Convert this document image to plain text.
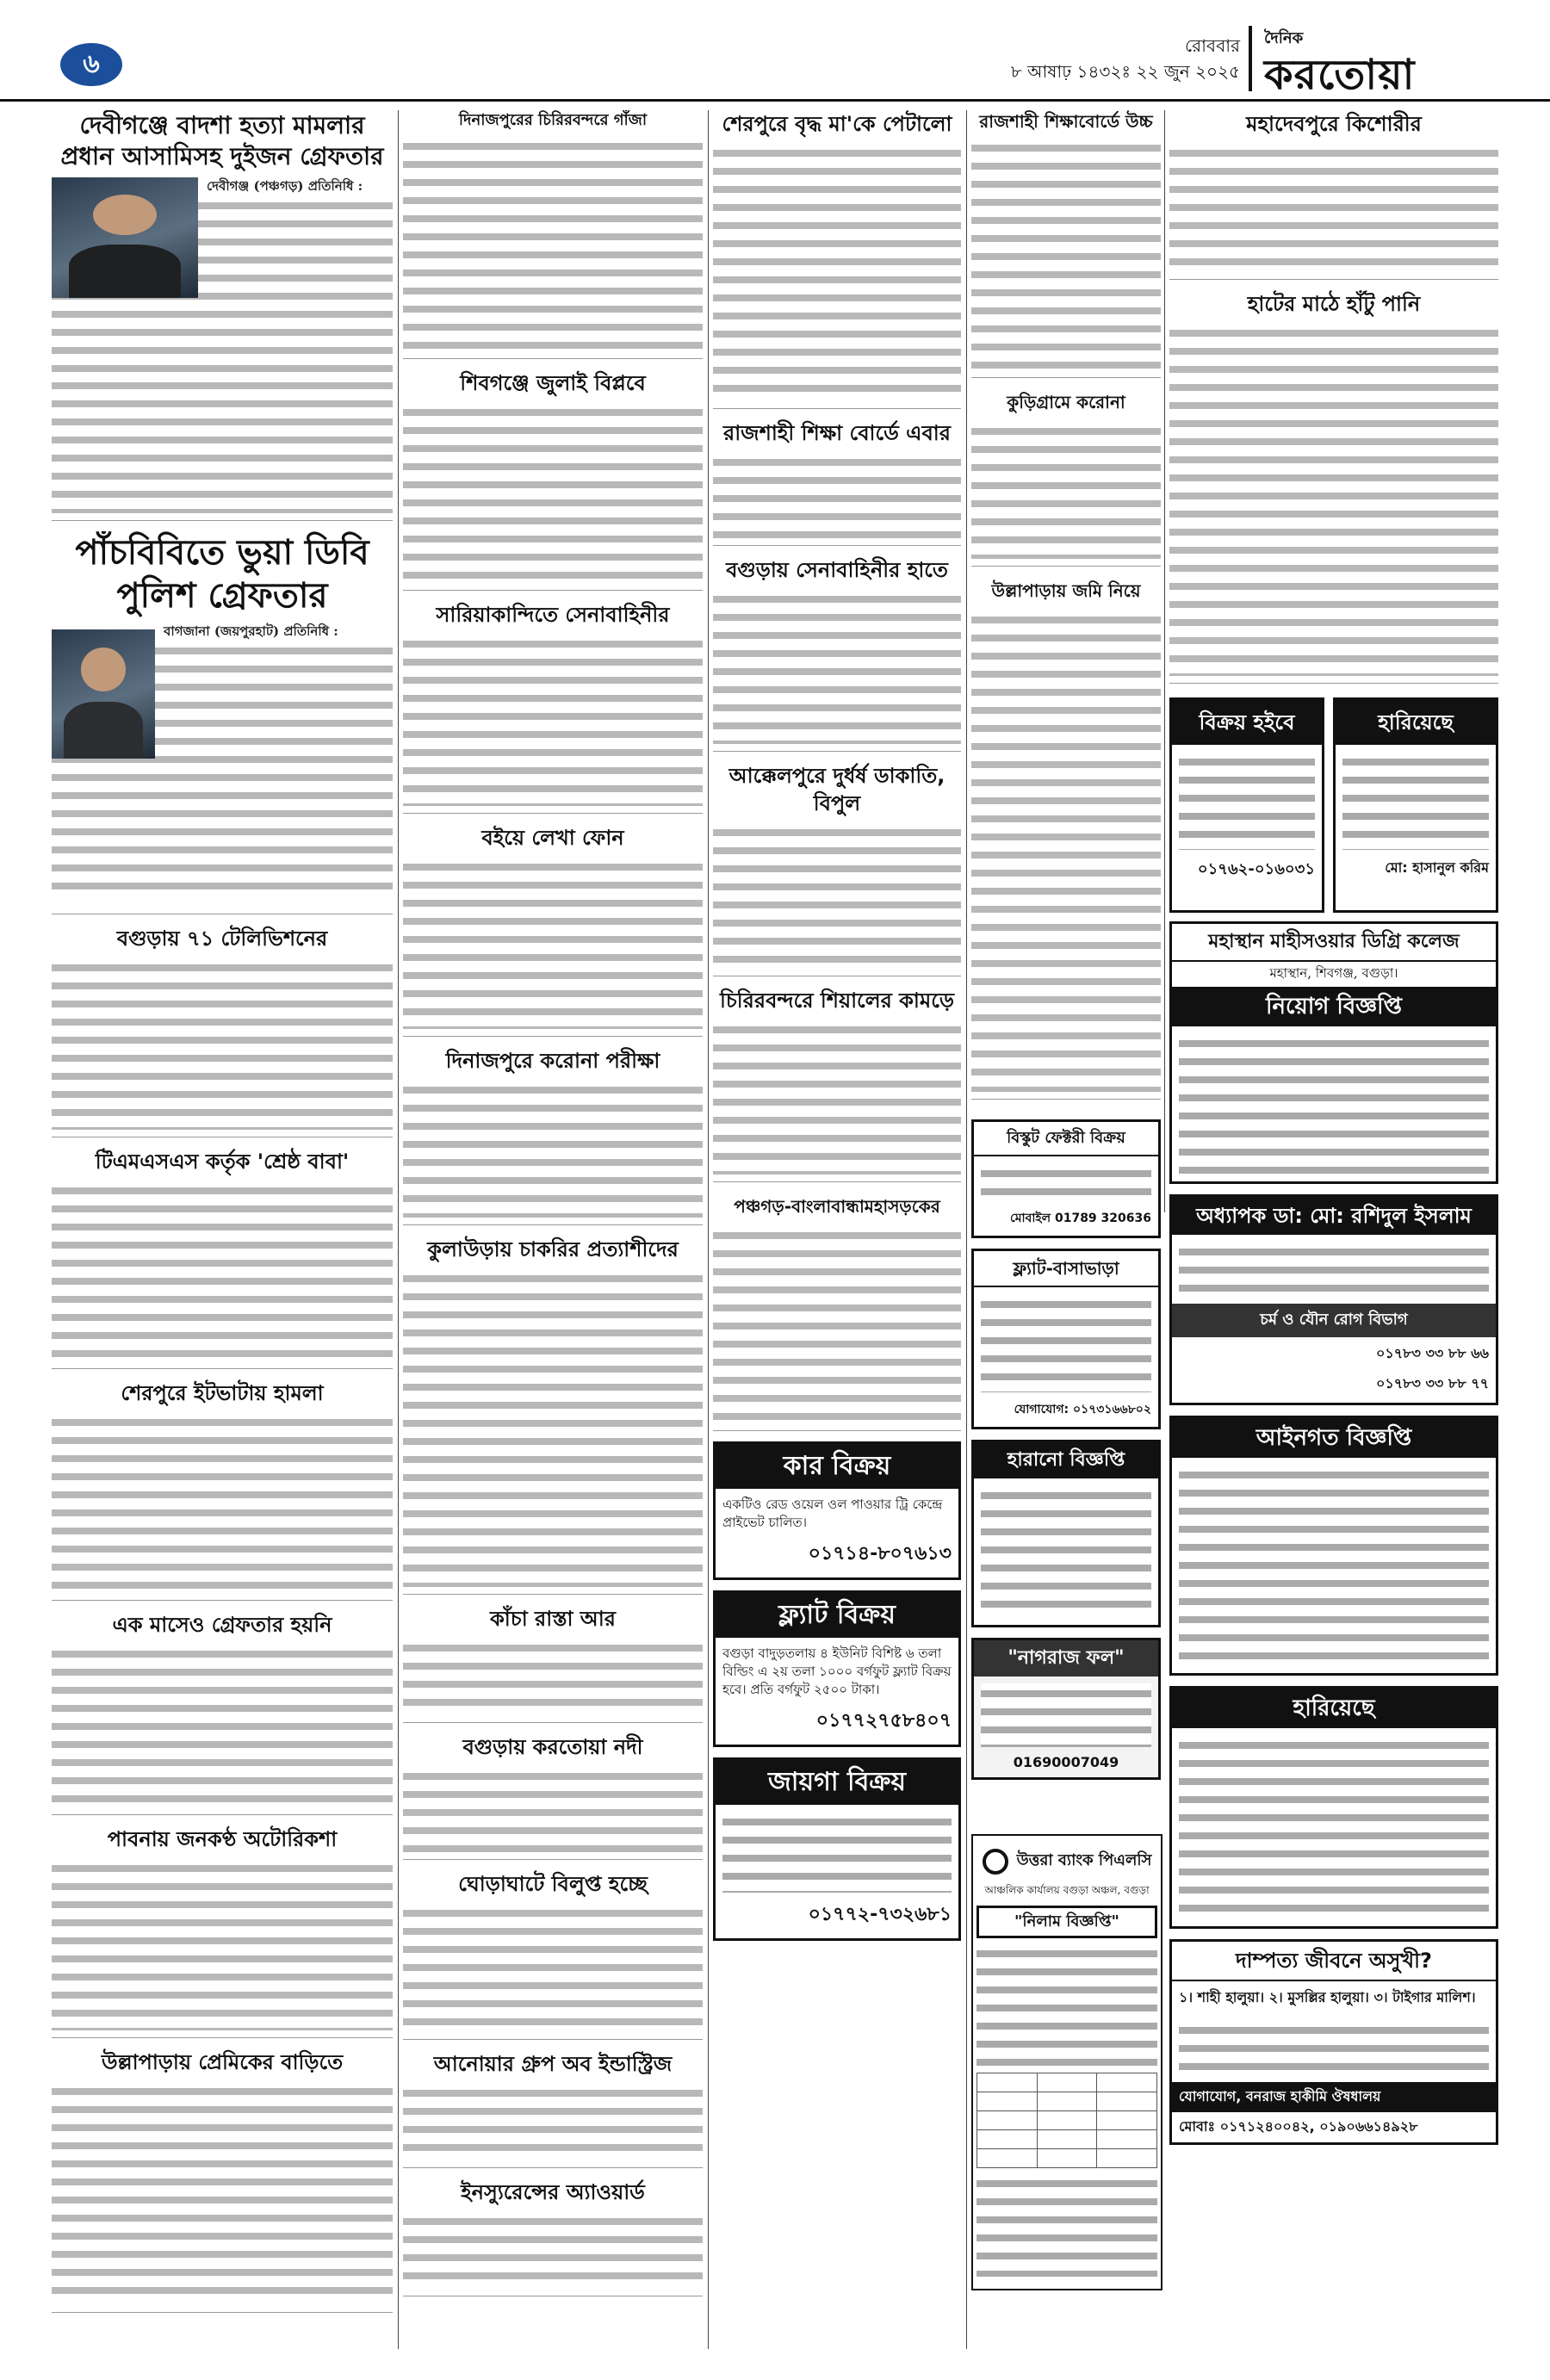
৬
রোববার
৮ আষাঢ় ১৪৩২ঃ ২২ জুন ২০২৫
দৈনিক
করতোয়া
দেবীগঞ্জে বাদশা হত্যা মামলার প্রধান আসামিসহ দুইজন গ্রেফতার
দেবীগঞ্জ (পঞ্চগড়) প্রতিনিধি :
পাঁচবিবিতে ভুয়া ডিবি পুলিশ গ্রেফতার
বাগজানা (জয়পুরহাট) প্রতিনিধি :
বগুড়ায় ৭১ টেলিভিশনের
টিএমএসএস কর্তৃক 'শ্রেষ্ঠ বাবা'
শেরপুরে ইটভাটায় হামলা
এক মাসেও গ্রেফতার হয়নি
পাবনায় জনকণ্ঠ অটোরিকশা
উল্লাপাড়ায় প্রেমিকের বাড়িতে
দিনাজপুরের চিরিরবন্দরে গাঁজা
শিবগঞ্জে জুলাই বিপ্লবে
সারিয়াকান্দিতে সেনাবাহিনীর
বইয়ে লেখা ফোন
দিনাজপুরে করোনা পরীক্ষা
কুলাউড়ায় চাকরির প্রত্যাশীদের
কাঁচা রাস্তা আর
বগুড়ায় করতোয়া নদী
ঘোড়াঘাটে বিলুপ্ত হচ্ছে
আনোয়ার গ্রুপ অব ইন্ডাস্ট্রিজ
ইনস্যুরেন্সের অ্যাওয়ার্ড
শেরপুরে বৃদ্ধ মা'কে পেটালো
রাজশাহী শিক্ষা বোর্ডে এবার
বগুড়ায় সেনাবাহিনীর হাতে
আক্কেলপুরে দুর্ধর্ষ ডাকাতি, বিপুল
চিরিরবন্দরে শিয়ালের কামড়ে
পঞ্চগড়-বাংলাবান্ধামহাসড়কের
কার বিক্রয়
একটিও রেড ওয়েল ওল পাওয়ার ট্রি কেন্দ্রে প্রাইভেট চালিত।
০১৭১৪-৮০৭৬১৩
ফ্ল্যাট বিক্রয়
বগুড়া বাদুড়তলায় ৪ ইউনিট বিশিষ্ট ৬ তলা বিল্ডিং এ ২য় তলা ১০০০ বর্গফুট ফ্ল্যাট বিক্রয় হবে। প্রতি বর্গফুট ২৫০০ টাকা।
০১৭৭২৭৫৮৪০৭
জায়গা বিক্রয়
০১৭৭২-৭৩২৬৮১
রাজশাহী শিক্ষাবোর্ডে উচ্চ
কুড়িগ্রামে করোনা
উল্লাপাড়ায় জমি নিয়ে
বিস্কুট ফেক্টরী বিক্রয়
মোবাইল 01789 320636
ফ্ল্যাট-বাসাভাড়া
যোগাযোগ: ০১৭৩১৬৬৮০২
হারানো বিজ্ঞপ্তি
"নাগরাজ ফল"
01690007049
মহাদেবপুরে কিশোরীর
হাটের মাঠে হাঁটু পানি
বিক্রয় হইবে
০১৭৬২-০১৬০৩১
হারিয়েছে
মো: হাসানুল করিম
মহাস্থান মাহীসওয়ার ডিগ্রি কলেজ
মহাস্থান, শিবগঞ্জ, বগুড়া।
নিয়োগ বিজ্ঞপ্তি
অধ্যাপক ডা: মো: রশিদুল ইসলাম
চর্ম ও যৌন রোগ বিভাগ
০১৭৮৩ ৩৩ ৮৮ ৬৬
০১৭৮৩ ৩৩ ৮৮ ৭৭
আইনগত বিজ্ঞপ্তি
হারিয়েছে
দাম্পত্য জীবনে অসুখী?
১। শাহী হালুয়া। ২। মুসল্লির হালুয়া। ৩। টাইগার মালিশ।
যোগাযোগ, বনরাজ হাকীমি ঔষধালয়
মোবাঃ ০১৭১২৪০০৪২, ০১৯০৬৬১৪৯২৮
উত্তরা ব্যাংক পিএলসি
আঞ্চলিক কার্যালয় বগুড়া অঞ্চল, বগুড়া
"নিলাম বিজ্ঞপ্তি"
